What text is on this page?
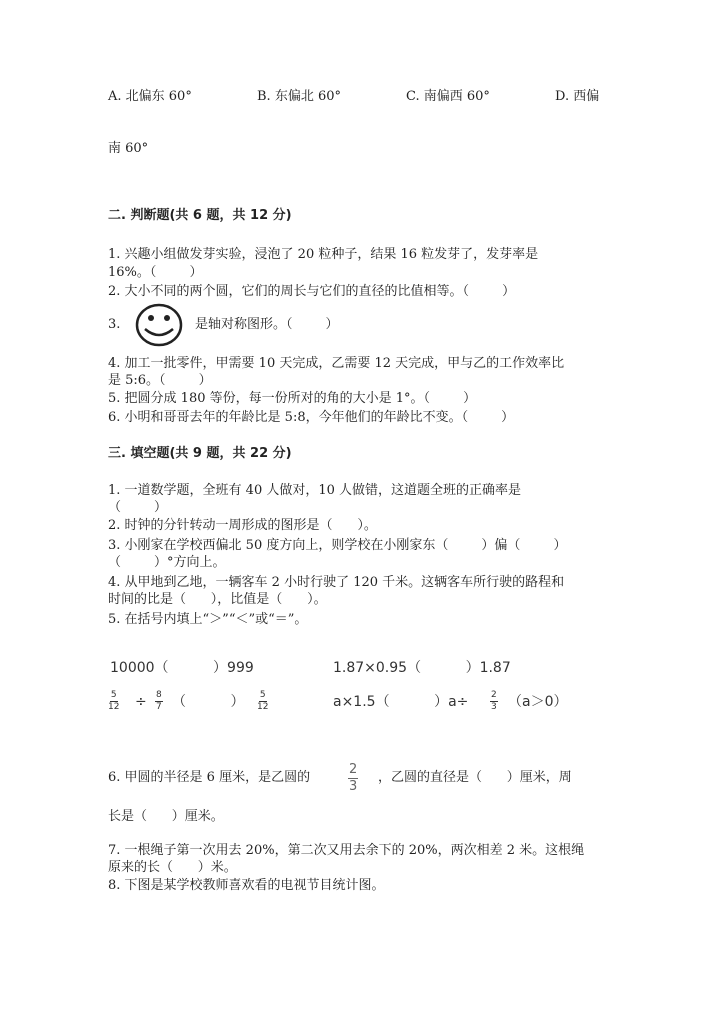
A. 北偏东 60°	B. 东偏北 60°	C. 南偏西 60°	D. 西偏
南 60°
二. 判断题(共 6 题，共 12 分)
1. 兴趣小组做发芽实验，浸泡了 20 粒种子，结果 16 粒发芽了，发芽率是
16%。（        ）
2. 大小不同的两个圆，它们的周长与它们的直径的比值相等。（        ）
3.	是轴对称图形。（        ）
4. 加工一批零件，甲需要 10 天完成，乙需要 12 天完成，甲与乙的工作效率比
是 5:6。（        ）
5. 把圆分成 180 等份，每一份所对的角的大小是 1°。（        ）
6. 小明和哥哥去年的年龄比是 5:8，今年他们的年龄比不变。（        ）
三. 填空题(共 9 题，共 22 分)
1. 一道数学题，全班有 40 人做对，10 人做错，这道题全班的正确率是
（        ）
2. 时钟的分针转动一周形成的图形是（      ）。
3. 小刚家在学校西偏北 50 度方向上，则学校在小刚家东（        ）偏（        ）
（        ）°方向上。
4. 从甲地到乙地，一辆客车 2 小时行驶了 120 千米。这辆客车所行驶的路程和
时间的比是（      ），比值是（      ）。
5. 在括号内填上“＞”“＜”或“＝”。
10000（          ）999	1.87×0.95（          ）1.87
$\frac{5}{12} \div \frac{8}{7}$ （          ） $\frac{5}{12}$	a×1.5（          ）$a\div \frac{2}{3} (a>0)$
6. 甲圆的半径是 6 厘米，是乙圆的	$\frac{2}{3}$ ，乙圆的直径是（      ）厘米，周
长是（      ）厘米。
7. 一根绳子第一次用去 20%，第二次又用去余下的 20%，两次相差 2 米。这根绳
原来的长（      ）米。
8. 下图是某学校教师喜欢看的电视节目统计图。
